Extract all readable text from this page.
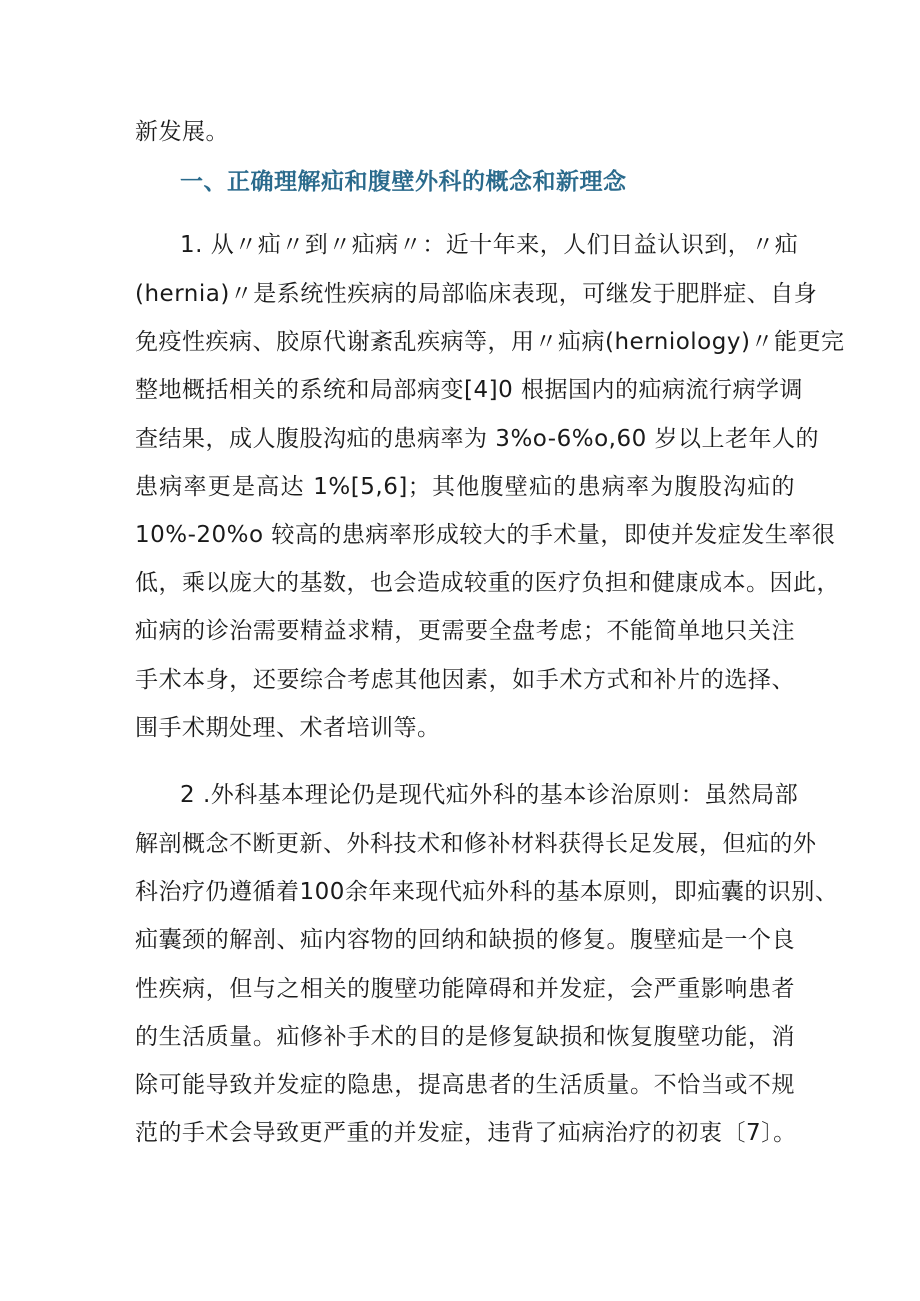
新发展。
一、正确理解疝和腹壁外科的概念和新理念
1. 从〃疝〃到〃疝病〃：近十年来，人们日益认识到，〃疝
(hernia)〃是系统性疾病的局部临床表现，可继发于肥胖症、自身
免疫性疾病、胶原代谢紊乱疾病等，用〃疝病(herniology)〃能更完
整地概括相关的系统和局部病变[4]0 根据国内的疝病流行病学调
查结果，成人腹股沟疝的患病率为 3%o-6%o,60 岁以上老年人的
患病率更是高达 1%[5,6]；其他腹壁疝的患病率为腹股沟疝的
10%-20%o 较高的患病率形成较大的手术量，即使并发症发生率很
低，乘以庞大的基数，也会造成较重的医疗负担和健康成本。因此，
疝病的诊治需要精益求精，更需要全盘考虑；不能简单地只关注
手术本身，还要综合考虑其他因素，如手术方式和补片的选择、
围手术期处理、术者培训等。
2 .外科基本理论仍是现代疝外科的基本诊治原则：虽然局部
解剖概念不断更新、外科技术和修补材料获得长足发展，但疝的外
科治疗仍遵循着100余年来现代疝外科的基本原则，即疝囊的识别、
疝囊颈的解剖、疝内容物的回纳和缺损的修复。腹壁疝是一个良
性疾病，但与之相关的腹壁功能障碍和并发症，会严重影响患者
的生活质量。疝修补手术的目的是修复缺损和恢复腹壁功能，消
除可能导致并发症的隐患，提高患者的生活质量。不恰当或不规
范的手术会导致更严重的并发症，违背了疝病治疗的初衷〔7〕。
